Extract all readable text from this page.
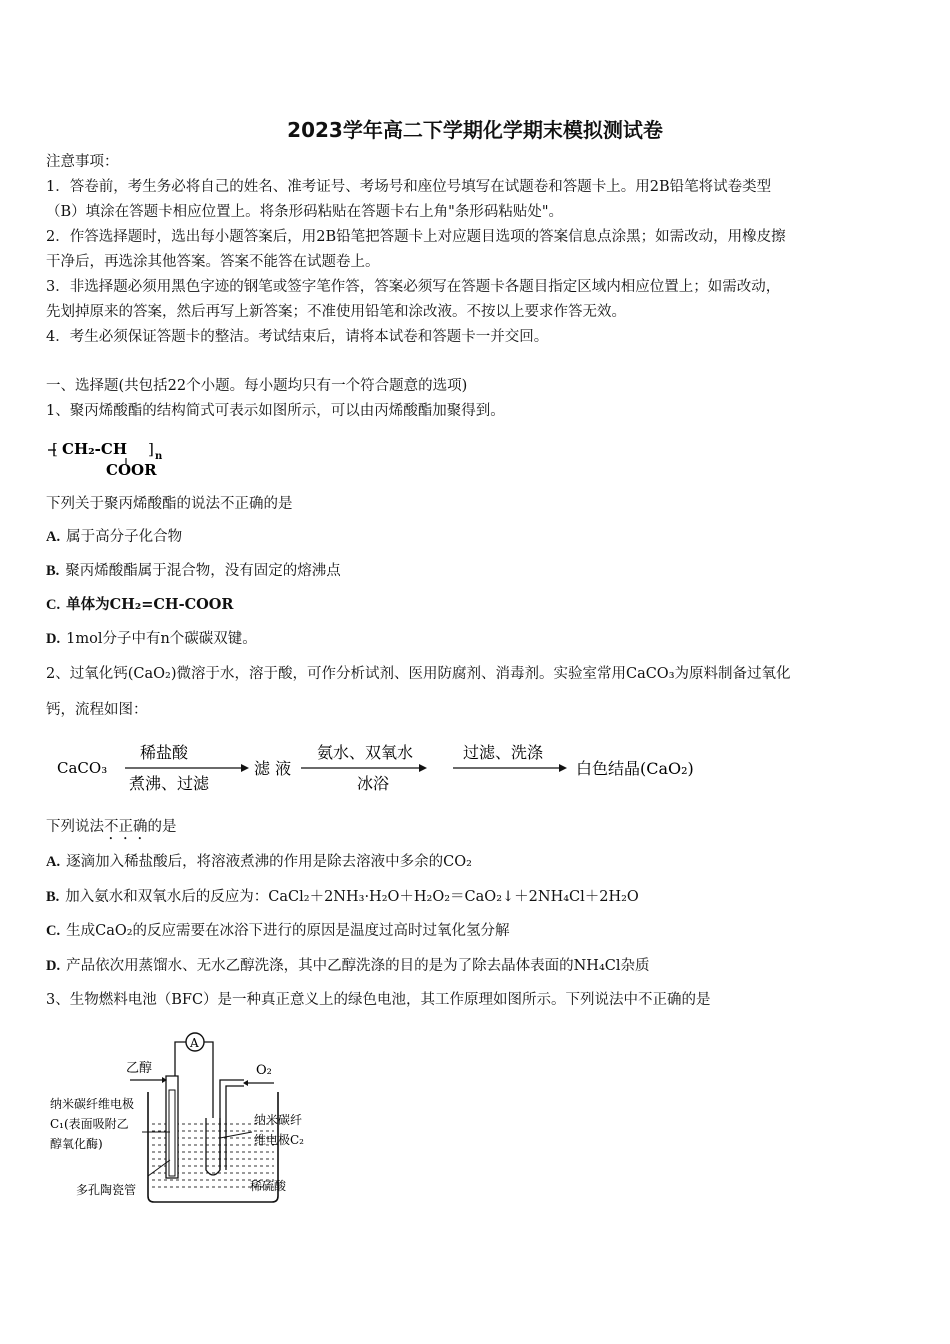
2023学年高二下学期化学期末模拟测试卷
注意事项：
1．答卷前，考生务必将自己的姓名、准考证号、考场号和座位号填写在试题卷和答题卡上。用2B铅笔将试卷类型
（B）填涂在答题卡相应位置上。将条形码粘贴在答题卡右上角"条形码粘贴处"。
2．作答选择题时，选出每小题答案后，用2B铅笔把答题卡上对应题目选项的答案信息点涂黑；如需改动，用橡皮擦
干净后，再选涂其他答案。答案不能答在试题卷上。
3．非选择题必须用黑色字迹的钢笔或签字笔作答，答案必须写在答题卡各题目指定区域内相应位置上；如需改动，
先划掉原来的答案，然后再写上新答案；不准使用铅笔和涂改液。不按以上要求作答无效。
4．考生必须保证答题卡的整洁。考试结束后，请将本试卷和答题卡一并交回。
一、选择题(共包括22个小题。每小题均只有一个符合题意的选项)
1、聚丙烯酸酯的结构简式可表示如图所示，可以由丙烯酸酯加聚得到。
[ CH₂-CH ] n
COOR
下列关于聚丙烯酸酯的说法不正确的是
A. 属于高分子化合物
B. 聚丙烯酸酯属于混合物，没有固定的熔沸点
C. 单体为CH₂=CH-COOR
D. 1mol分子中有n个碳碳双键。
2、过氧化钙(CaO₂)微溶于水，溶于酸，可作分析试剂、医用防腐剂、消毒剂。实验室常用CaCO₃为原料制备过氧化
钙，流程如图：
CaCO₃
稀盐酸
煮沸、过滤
滤 液
氨水、双氧水
冰浴
过滤、洗涤
白色结晶(CaO₂)
下列说法不正确的是
A. 逐滴加入稀盐酸后，将溶液煮沸的作用是除去溶液中多余的CO₂
B. 加入氨水和双氧水后的反应为：CaCl₂＋2NH₃·H₂O＋H₂O₂＝CaO₂↓＋2NH₄Cl＋2H₂O
C. 生成CaO₂的反应需要在冰浴下进行的原因是温度过高时过氧化氢分解
D. 产品依次用蒸馏水、无水乙醇洗涤，其中乙醇洗涤的目的是为了除去晶体表面的NH₄Cl杂质
3、生物燃料电池（BFC）是一种真正意义上的绿色电池，其工作原理如图所示。下列说法中不正确的是
A
乙醇	O₂
纳米碳纤维电极
C₁(表面吸附乙
醇氧化酶)
纳米碳纤
维电极C₂
多孔陶瓷管	稀硫酸
